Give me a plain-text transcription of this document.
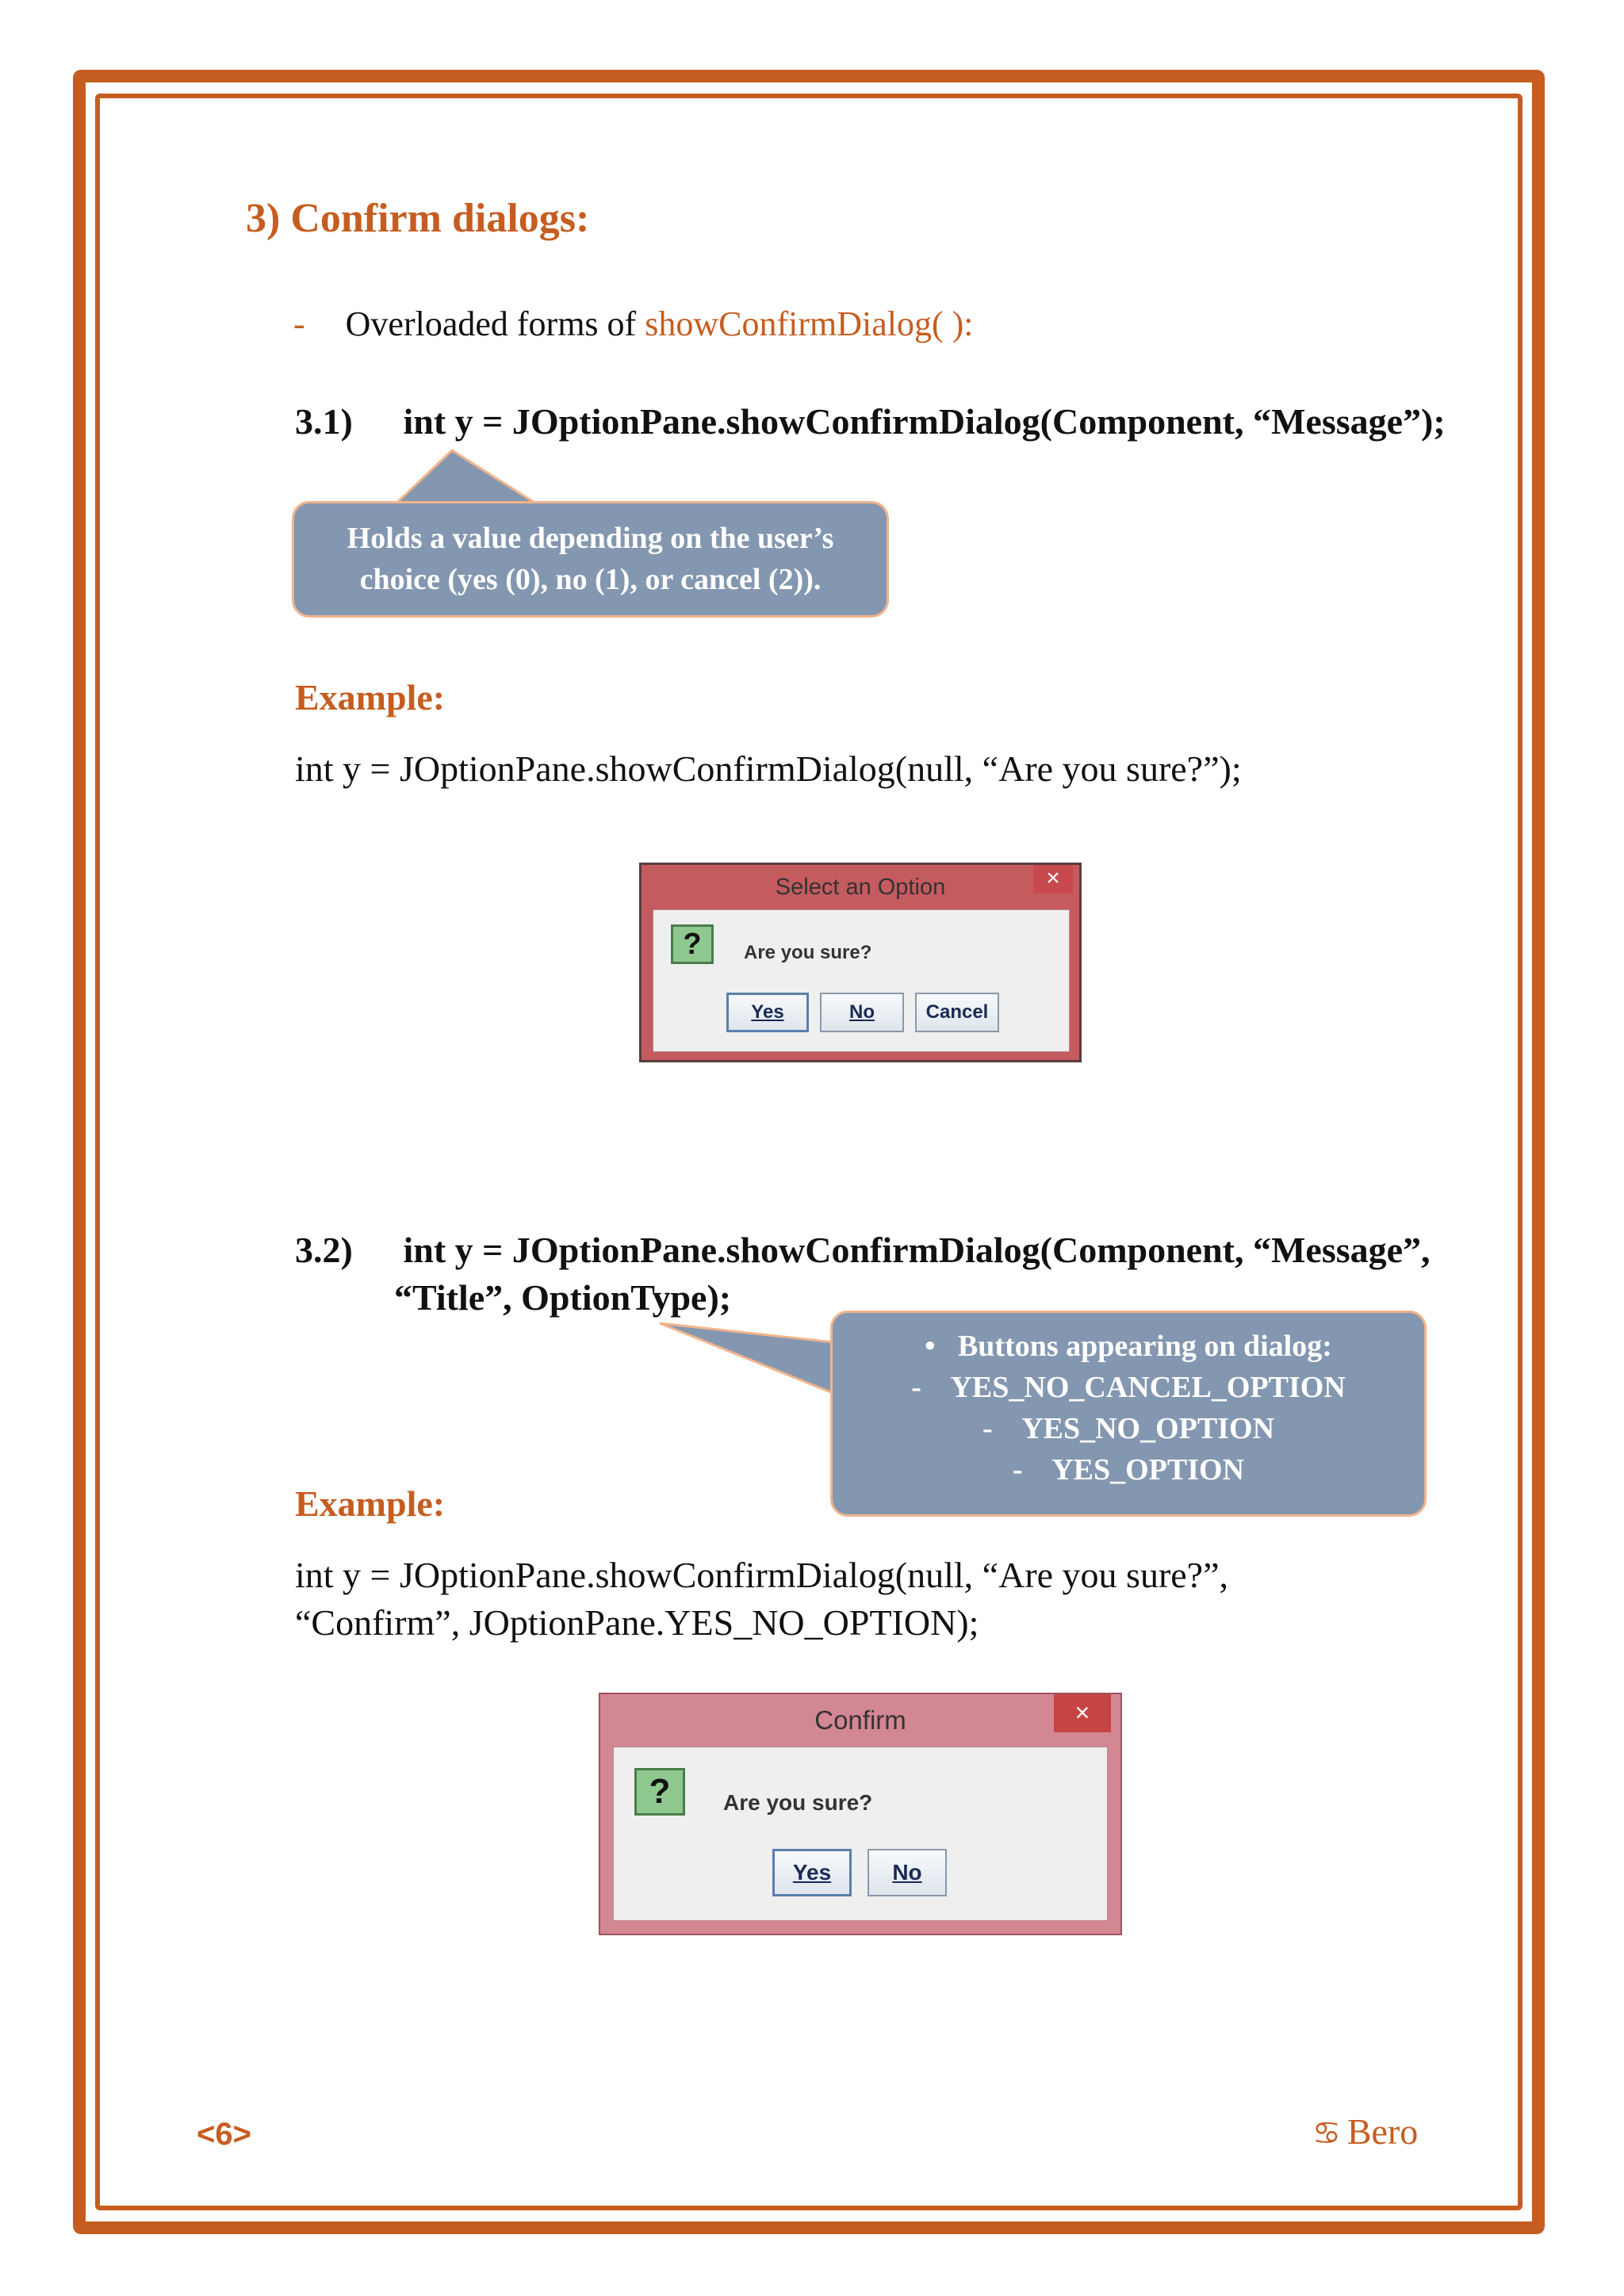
3) Confirm dialogs:
- Overloaded forms of showConfirmDialog( ):
3.1) int y = JOptionPane.showConfirmDialog(Component, “Message”);
Holds a value depending on the user’s
choice (yes (0), no (1), or cancel (2)).
Example:
int y = JOptionPane.showConfirmDialog(null, “Are you sure?”);
Select an Option	×
?	Are you sure?
Yes	No	Cancel
3.2) int y = JOptionPane.showConfirmDialog(Component, “Message”,
“Title”, OptionType);
•   Buttons appearing on dialog:
-    YES_NO_CANCEL_OPTION
-    YES_NO_OPTION
-    YES_OPTION
Example:
int y = JOptionPane.showConfirmDialog(null, “Are you sure?”,
“Confirm”, JOptionPane.YES_NO_OPTION);
Confirm	×
?	Are you sure?
Yes	No
<6>	♋ Bero
